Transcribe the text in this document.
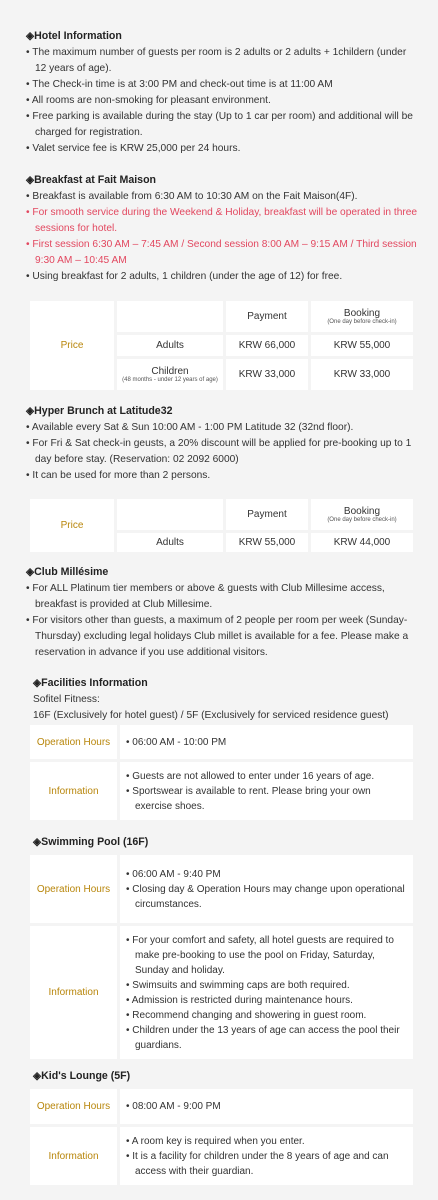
◈Hotel Information
• The maximum number of guests per room is 2 adults or 2 adults + 1childern (under 12 years of age).
• The Check-in time is at 3:00 PM and check-out time is at 11:00 AM
• All rooms are non-smoking for pleasant environment.
• Free parking is available during the stay (Up to 1 car per room) and additional will be charged for registration.
• Valet service fee is KRW 25,000 per 24 hours.
◈Breakfast at Fait Maison
• Breakfast is available from 6:30 AM to 10:30 AM on the Fait Maison(4F).
• For smooth service during the Weekend & Holiday, breakfast will be operated in three sessions for hotel.
• First session 6:30 AM – 7:45 AM / Second session 8:00 AM – 9:15 AM / Third session 9:30 AM – 10:45 AM
• Using breakfast for 2 adults, 1 children (under the age of 12) for free.
Price		Payment	Booking
(One day before check-in)

	Adults	KRW 66,000	KRW 55,000
	Children
(48 months - under 12 years of age)	KRW 33,000	KRW 33,000
◈Hyper Brunch at Latitude32
• Available every Sat & Sun 10:00 AM - 1:00 PM Latitude 32 (32nd floor).
• For Fri & Sat check-in geusts, a 20% discount will be applied for pre-booking up to 1 day before stay. (Reservation: 02 2092 6000)
• It can be used for more than 2 persons.
Price		Payment	Booking
(One day before check-in)

	Adults	KRW 55,000	KRW 44,000
◈Club Millésime
• For ALL Platinum tier members or above & guests with Club Millesime access, breakfast is provided at Club Millesime.
• For visitors other than guests, a maximum of 2 people per room per week (Sunday-Thursday) excluding legal holidays Club millet is available for a fee. Please make a reservation in advance if you use additional visitors.
◈Facilities Information
Sofitel Fitness:
16F (Exclusively for hotel guest) / 5F (Exclusively for serviced residence guest)
Operation Hours	• 06:00 AM - 10:00 PM

Information	• Guests are not allowed to enter under 16 years of age.
• Sportswear is available to rent. Please bring your own exercise shoes.
◈Swimming Pool (16F)
Operation Hours	• 06:00 AM - 9:40 PM
• Closing day & Operation Hours may change upon operational circumstances.

Information	• For your comfort and safety, all hotel guests are required to make pre-booking to use the pool on Friday, Saturday, Sunday and holiday.
• Swimsuits and swimming caps are both required.
• Admission is restricted during maintenance hours.
• Recommend changing and showering in guest room.
• Children under the 13 years of age can access the pool their guardians.
◈Kid's Lounge (5F)
Operation Hours	• 08:00 AM - 9:00 PM

Information	• A room key is required when you enter.
• It is a facility for children under the 8 years of age and can access with their guardian.
